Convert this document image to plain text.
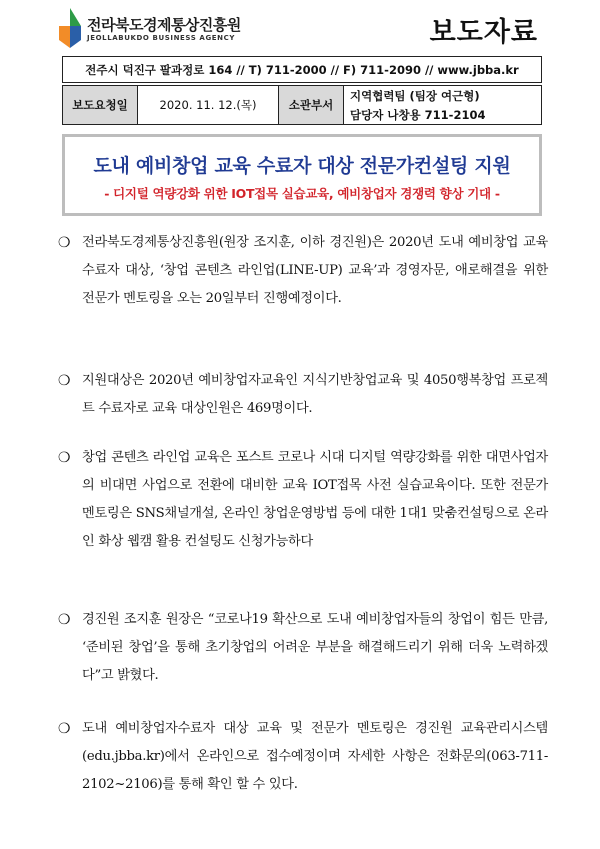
전라북도경제통상진흥원
JEOLLABUKDO BUSINESS AGENCY	보도자료
전주시 덕진구 팔과정로 164 // T) 711-2000 // F) 711-2090 // www.jbba.kr
보도요청일	2020. 11. 12.(목)	소관부서	
지역협력팀 (팀장 여근형)
담당자 나창용 711-2104
도내 예비창업 교육 수료자 대상 전문가컨설팅 지원
- 디지털 역량강화 위한 IOT접목 실습교육, 예비창업자 경쟁력 향상 기대 -
❍ 전라북도경제통상진흥원(원장 조지훈, 이하 경진원)은 2020년 도내 예비창업 교육 수료자 대상, ‘창업 콘텐츠 라인업(LINE-UP) 교육’과 경영자문, 애로해결을 위한 전문가 멘토링을 오는 20일부터 진행예정이다.
❍ 지원대상은 2020년 예비창업자교육인 지식기반창업교육 및 4050행복창업 프로젝트 수료자로 교육 대상인원은 469명이다.
❍ 창업 콘텐츠 라인업 교육은 포스트 코로나 시대 디지털 역량강화를 위한 대면사업자의 비대면 사업으로 전환에 대비한 교육 IOT접목 사전 실습교육이다. 또한 전문가 멘토링은 SNS채널개설, 온라인 창업운영방법 등에 대한 1대1 맞춤컨설팅으로 온라인 화상 웹캠 활용 컨설팅도 신청가능하다
❍ 경진원 조지훈 원장은 “코로나19 확산으로 도내 예비창업자들의 창업이 힘든 만큼, ‘준비된 창업’을 통해 초기창업의 어려운 부분을 해결해드리기 위해 더욱 노력하겠다”고 밝혔다.
❍ 도내 예비창업자수료자 대상 교육 및 전문가 멘토링은 경진원 교육관리시스템(edu.jbba.kr)에서 온라인으로 접수예정이며 자세한 사항은 전화문의(063-711-2102~2106)를 통해 확인 할 수 있다.
